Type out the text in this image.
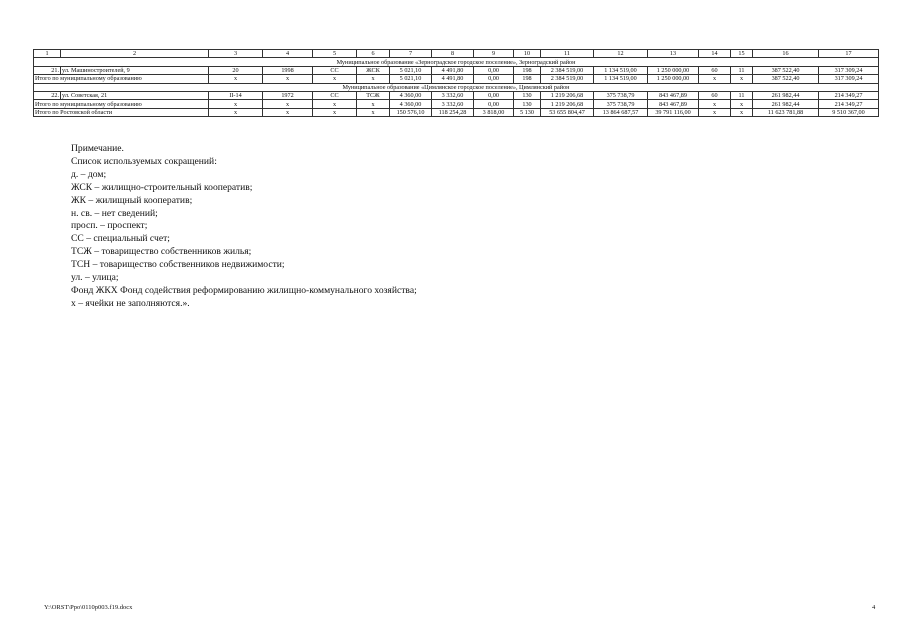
1	2	3	4	5	6	7	8	9	10	11	12	13	14	15	16	17
Муниципальное образование «Зерноградское городское поселение», Зерноградский район																
21.	ул. Машиностроителей, 9	20	1998	СС	ЖСК	5 021,10	4 491,80	0,00	198	2 384 519,00	1 134 519,00	1 250 000,00	60	11	387 522,40	317 309,24
Итого по муниципальному образованию		х	х	х	х	5 021,10	4 491,80	0,00	198	2 384 519,00	1 134 519,00	1 250 000,00	х	х	387 522,40	317 309,24
Муниципальное образование «Цимлянское городское поселение», Цимлянский район																
22.	ул. Советская, 21	II-14	1972	СС	ТСЖ	4 360,00	3 332,60	0,00	130	1 219 206,68	375 738,79	843 467,89	60	11	261 982,44	214 349,27
Итого по муниципальному образованию		х	х	х	х	4 360,00	3 332,60	0,00	130	1 219 206,68	375 738,79	843 467,89	х	х	261 982,44	214 349,27
Итого по Ростовской области		х	х	х	х	150 576,10	118 254,28	3 818,00	5 130	53 655 804,47	13 864 687,57	39 791 116,00	х	х	11 623 781,88	9 510 367,00
Примечание.
Список используемых сокращений:
д. – дом;
ЖСК – жилищно-строительный кооператив;
ЖК – жилищный кооператив;
н. св. – нет сведений;
просп. – проспект;
СС – специальный счет;
ТСЖ – товарищество собственников жилья;
ТСН – товарищество собственников недвижимости;
ул. – улица;
Фонд ЖКХ Фонд содействия реформированию жилищно-коммунального хозяйства;
х – ячейки не заполняются.».
Y:\ORST\Ppo\0110p003.f19.docx	4
